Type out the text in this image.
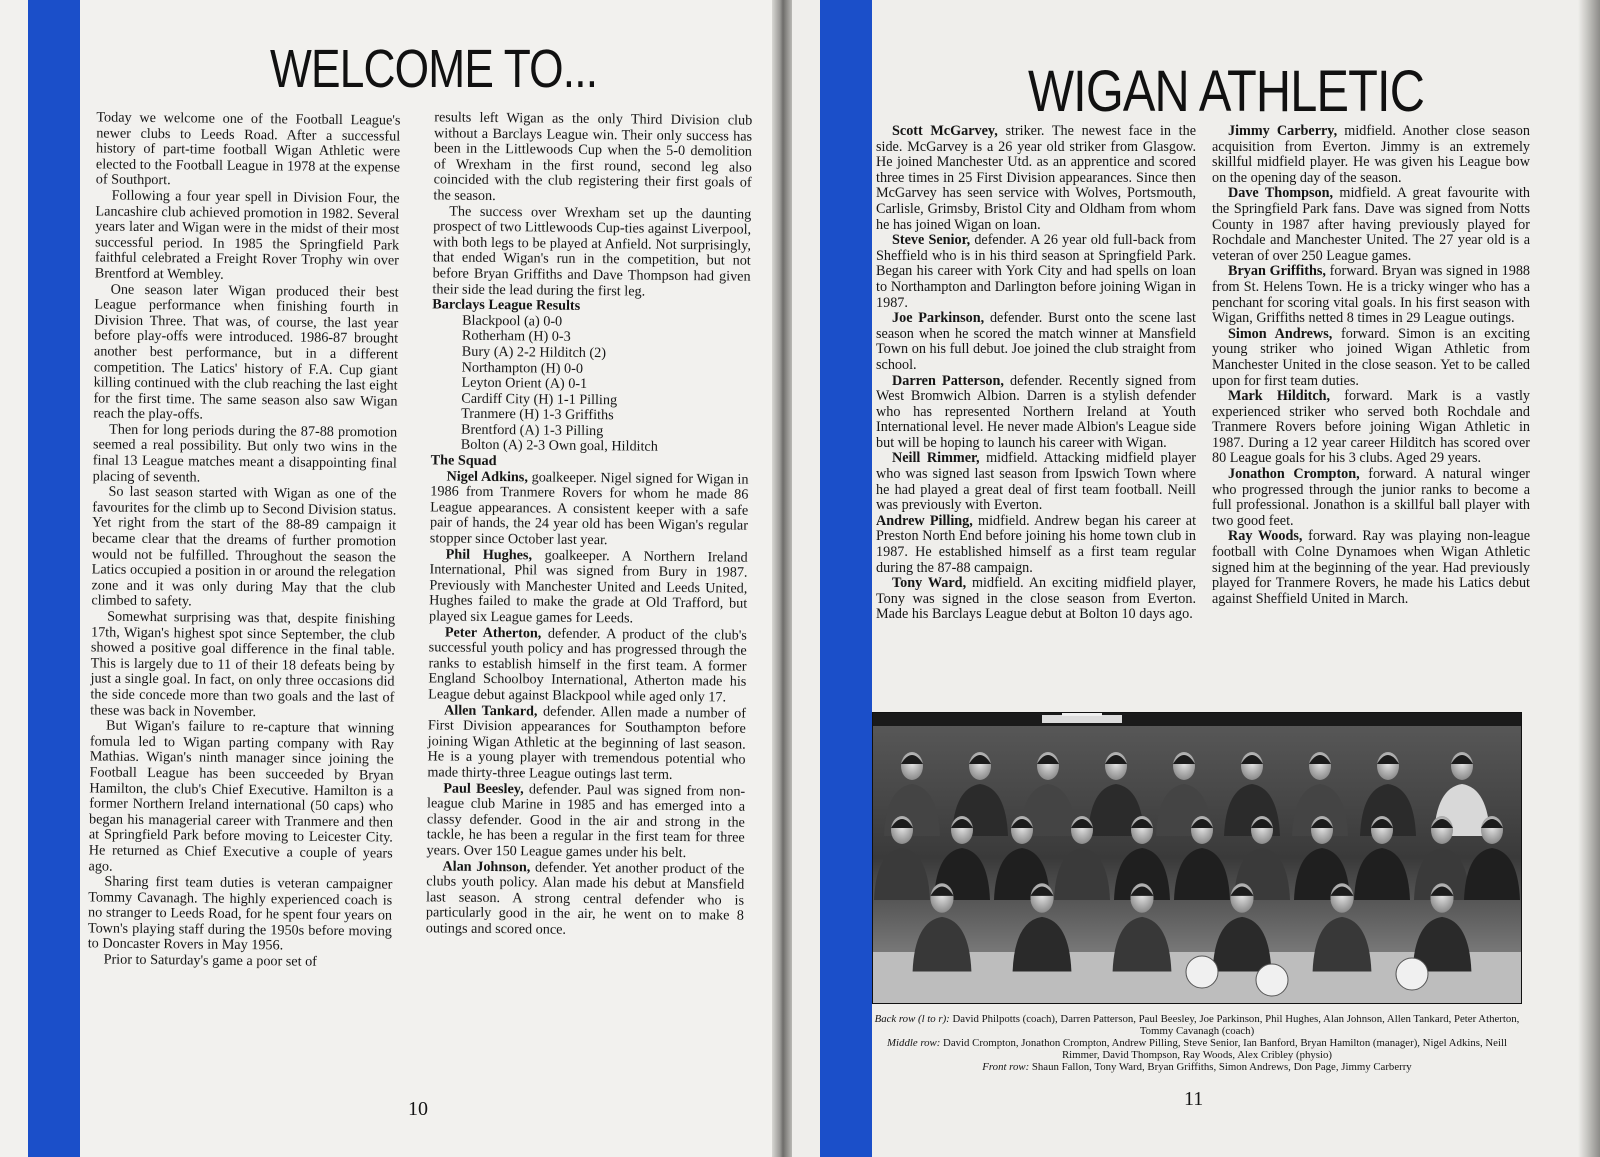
WELCOME TO...

Today we welcome one of the Football League's newer clubs to Leeds Road. After a successful history of part-time football Wigan Athletic were elected to the Football League in 1978 at the expense of Southport.

Following a four year spell in Division Four, the Lancashire club achieved promotion in 1982. Several years later and Wigan were in the midst of their most successful period. In 1985 the Springfield Park faithful celebrated a Freight Rover Trophy win over Brentford at Wembley.

One season later Wigan produced their best League performance when finishing fourth in Division Three. That was, of course, the last year before play-offs were introduced. 1986-87 brought another best performance, but in a different competition. The Latics' history of F.A. Cup giant killing continued with the club reaching the last eight for the first time. The same season also saw Wigan reach the play-offs.

Then for long periods during the 87-88 promotion seemed a real possibility. But only two wins in the final 13 League matches meant a disappointing final placing of seventh.

So last season started with Wigan as one of the favourites for the climb up to Second Division status. Yet right from the start of the 88-89 campaign it became clear that the dreams of further promotion would not be fulfilled. Throughout the season the Latics occupied a position in or around the relegation zone and it was only during May that the club climbed to safety.

Somewhat surprising was that, despite finishing 17th, Wigan's highest spot since September, the club showed a positive goal difference in the final table. This is largely due to 11 of their 18 defeats being by just a single goal. In fact, on only three occasions did the side concede more than two goals and the last of these was back in November.

But Wigan's failure to re-capture that winning fomula led to Wigan parting company with Ray Mathias. Wigan's ninth manager since joining the Football League has been succeeded by Bryan Hamilton, the club's Chief Executive. Hamilton is a former Northern Ireland international (50 caps) who began his managerial career with Tranmere and then at Springfield Park before moving to Leicester City. He returned as Chief Executive a couple of years ago.

Sharing first team duties is veteran campaigner Tommy Cavanagh. The highly experienced coach is no stranger to Leeds Road, for he spent four years on Town's playing staff during the 1950s before moving to Doncaster Rovers in May 1956.

Prior to Saturday's game a poor set of

results left Wigan as the only Third Division club without a Barclays League win. Their only success has been in the Littlewoods Cup when the 5-0 demolition of Wrexham in the first round, second leg also coincided with the club registering their first goals of the season.

The success over Wrexham set up the daunting prospect of two Littlewoods Cup-ties against Liverpool, with both legs to be played at Anfield. Not surprisingly, that ended Wigan's run in the competition, but not before Bryan Griffiths and Dave Thompson had given their side the lead during the first leg.

Barclays League Results
Blackpool (a) 0-0
Rotherham (H) 0-3
Bury (A) 2-2 Hilditch (2)
Northampton (H) 0-0
Leyton Orient (A) 0-1
Cardiff City (H) 1-1 Pilling
Tranmere (H) 1-3 Griffiths
Brentford (A) 1-3 Pilling
Bolton (A) 2-3 Own goal, Hilditch
The Squad

Nigel Adkins, goalkeeper. Nigel signed for Wigan in 1986 from Tranmere Rovers for whom he made 86 League appearances. A consistent keeper with a safe pair of hands, the 24 year old has been Wigan's regular stopper since October last year.

Phil Hughes, goalkeeper. A Northern Ireland International, Phil was signed from Bury in 1987. Previously with Manchester United and Leeds United, Hughes failed to make the grade at Old Trafford, but played six League games for Leeds.

Peter Atherton, defender. A product of the club's successful youth policy and has progressed through the ranks to establish himself in the first team. A former England Schoolboy International, Atherton made his League debut against Blackpool while aged only 17.

Allen Tankard, defender. Allen made a number of First Division appearances for Southampton before joining Wigan Athletic at the beginning of last season. He is a young player with tremendous potential who made thirty-three League outings last term.

Paul Beesley, defender. Paul was signed from non-league club Marine in 1985 and has emerged into a classy defender. Good in the air and strong in the tackle, he has been a regular in the first team for three years. Over 150 League games under his belt.

Alan Johnson, defender. Yet another product of the clubs youth policy. Alan made his debut at Mansfield last season. A strong central defender who is particularly good in the air, he went on to make 8 outings and scored once.

10
WIGAN ATHLETIC

Scott McGarvey, striker. The newest face in the side. McGarvey is a 26 year old striker from Glasgow. He joined Manchester Utd. as an apprentice and scored three times in 25 First Division appearances. Since then McGarvey has seen service with Wolves, Portsmouth, Carlisle, Grimsby, Bristol City and Oldham from whom he has joined Wigan on loan.

Steve Senior, defender. A 26 year old full-back from Sheffield who is in his third season at Springfield Park. Began his career with York City and had spells on loan to Northampton and Darlington before joining Wigan in 1987.

Joe Parkinson, defender. Burst onto the scene last season when he scored the match winner at Mansfield Town on his full debut. Joe joined the club straight from school.

Darren Patterson, defender. Recently signed from West Bromwich Albion. Darren is a stylish defender who has represented Northern Ireland at Youth International level. He never made Albion's League side but will be hoping to launch his career with Wigan.

Neill Rimmer, midfield. Attacking midfield player who was signed last season from Ipswich Town where he had played a great deal of first team football. Neill was previously with Everton.

Andrew Pilling, midfield. Andrew began his career at Preston North End before joining his home town club in 1987. He established himself as a first team regular during the 87-88 campaign.

Tony Ward, midfield. An exciting midfield player, Tony was signed in the close season from Everton. Made his Barclays League debut at Bolton 10 days ago.

Jimmy Carberry, midfield. Another close season acquisition from Everton. Jimmy is an extremely skillful midfield player. He was given his League bow on the opening day of the season.

Dave Thompson, midfield. A great favourite with the Springfield Park fans. Dave was signed from Notts County in 1987 after having previously played for Rochdale and Manchester United. The 27 year old is a veteran of over 250 League games.

Bryan Griffiths, forward. Bryan was signed in 1988 from St. Helens Town. He is a tricky winger who has a penchant for scoring vital goals. In his first season with Wigan, Griffiths netted 8 times in 29 League outings.

Simon Andrews, forward. Simon is an exciting young striker who joined Wigan Athletic from Manchester United in the close season. Yet to be called upon for first team duties.

Mark Hilditch, forward. Mark is a vastly experienced striker who served both Rochdale and Tranmere Rovers before joining Wigan Athletic in 1987. During a 12 year career Hilditch has scored over 80 League goals for his 3 clubs. Aged 29 years.

Jonathon Crompton, forward. A natural winger who progressed through the junior ranks to become a full professional. Jonathon is a skillful ball player with two good feet.

Ray Woods, forward. Ray was playing non-league football with Colne Dynamoes when Wigan Athletic signed him at the beginning of the year. Had previously played for Tranmere Rovers, he made his Latics debut against Sheffield United in March.

Back row (l to r): David Philpotts (coach), Darren Patterson, Paul Beesley, Joe Parkinson, Phil Hughes, Alan Johnson, Allen Tankard, Peter Atherton, Tommy Cavanagh (coach)
Middle row: David Crompton, Jonathon Crompton, Andrew Pilling, Steve Senior, Ian Banford, Bryan Hamilton (manager), Nigel Adkins, Neill Rimmer, David Thompson, Ray Woods, Alex Cribley (physio)
Front row: Shaun Fallon, Tony Ward, Bryan Griffiths, Simon Andrews, Don Page, Jimmy Carberry
11
